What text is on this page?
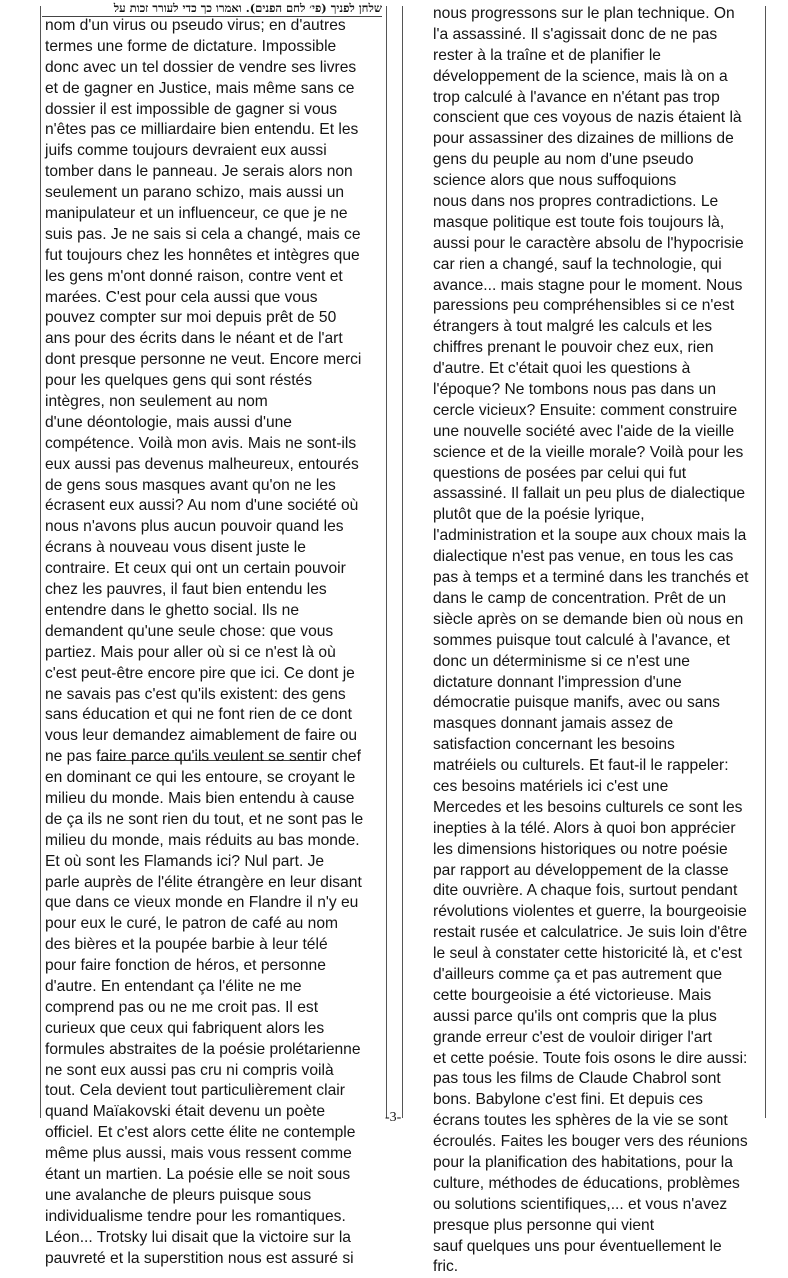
שלחן לפניך (פי׳ לחם הפנים). ואמרו כך כדי לעורר זכות על
nom d'un virus ou pseudo virus; en d'autres
termes une forme de dictature. Impossible
donc avec un tel dossier de vendre ses livres
et de gagner en Justice, mais même sans ce
dossier il est impossible de gagner si vous
n'êtes pas ce milliardaire bien entendu. Et les
juifs comme toujours devraient eux aussi
tomber dans le panneau. Je serais alors non
seulement un parano schizo, mais aussi un
manipulateur et un influenceur, ce que je ne
suis pas. Je ne sais si cela a changé, mais ce
fut toujours chez les honnêtes et intègres que
les gens m'ont donné raison, contre vent et
marées. C'est pour cela aussi que vous
pouvez compter sur moi depuis prêt de 50
ans pour des écrits dans le néant et de l'art
dont presque personne ne veut. Encore merci
pour les quelques gens qui sont réstés
intègres, non seulement au nom
d'une déontologie, mais aussi d'une
compétence. Voilà mon avis. Mais ne sont-ils
eux aussi pas devenus malheureux, entourés
de gens sous masques avant qu'on ne les
écrasent eux aussi? Au nom d'une société où
nous n'avons plus aucun pouvoir quand les
écrans à nouveau vous disent juste le
contraire. Et ceux qui ont un certain pouvoir
chez les pauvres, il faut bien entendu les
entendre dans le ghetto social. Ils ne
demandent qu'une seule chose: que vous
partiez. Mais pour aller où si ce n'est là où
c'est peut-être encore pire que ici. Ce dont je
ne savais pas c'est qu'ils existent: des gens
sans éducation et qui ne font rien de ce dont
vous leur demandez aimablement de faire ou
ne pas faire parce qu'ils veulent se sentir chef
en dominant ce qui les entoure, se croyant le
milieu du monde. Mais bien entendu à cause
de ça ils ne sont rien du tout, et ne sont pas le
milieu du monde, mais réduits au bas monde.
Et où sont les Flamands ici? Nul part. Je
parle auprès de l'élite étrangère en leur disant
que dans ce vieux monde en Flandre il n'y eu
pour eux le curé, le patron de café au nom
des bières et la poupée barbie à leur télé
pour faire fonction de héros, et personne
d'autre. En entendant ça l'élite ne me
comprend pas ou ne me croit pas. Il est
curieux que ceux qui fabriquent alors les
formules abstraites de la poésie prolétarienne
ne sont eux aussi pas cru ni compris voilà
tout. Cela devient tout particulièrement clair
quand Maïakovski était devenu un poète
officiel. Et c'est alors cette élite ne contemple
même plus aussi, mais vous ressent comme
étant un martien. La poésie elle se noit sous
une avalanche de pleurs puisque sous
individualisme tendre pour les romantiques.
Léon... Trotsky lui disait que la victoire sur la
pauvreté et la superstition nous est assuré si
nous progressons sur le plan technique. On
l'a assassiné. Il s'agissait donc de ne pas
rester à la traîne et de planifier le
développement de la science, mais là on a
trop calculé à l'avance en n'étant pas trop
conscient que ces voyous de nazis étaient là
pour assassiner des dizaines de millions de
gens du peuple au nom d'une pseudo
science alors que nous suffoquions
nous dans nos propres contradictions. Le
masque politique est toute fois toujours là,
aussi pour le caractère absolu de l'hypocrisie
car rien a changé, sauf la technologie, qui
avance... mais stagne pour le moment. Nous
paressions peu compréhensibles si ce n'est
étrangers à tout malgré les calculs et les
chiffres prenant le pouvoir chez eux, rien
d'autre. Et c'était quoi les questions à
l'époque? Ne tombons nous pas dans un
cercle vicieux? Ensuite: comment construire
une nouvelle société avec l'aide de la vieille
science et de la vieille morale? Voilà pour les
questions de posées par celui qui fut
assassiné. Il fallait un peu plus de dialectique
plutôt que de la poésie lyrique,
l'administration et la soupe aux choux mais la
dialectique n'est pas venue, en tous les cas
pas à temps et a terminé dans les tranchés et
dans le camp de concentration. Prêt de un
siècle après on se demande bien où nous en
sommes puisque tout calculé à l'avance, et
donc un déterminisme si ce n'est une
dictature donnant l'impression d'une
démocratie puisque manifs, avec ou sans
masques donnant jamais assez de
satisfaction concernant les besoins
matréiels ou culturels. Et faut-il le rappeler:
ces besoins matériels ici c'est une
Mercedes et les besoins culturels ce sont les
inepties à la télé. Alors à quoi bon apprécier
les dimensions historiques ou notre poésie
par rapport au développement de la classe
dite ouvrière. A chaque fois, surtout pendant
révolutions violentes et guerre, la bourgeoisie
restait rusée et calculatrice. Je suis loin d'être
le seul à constater cette historicité là, et c'est
d'ailleurs comme ça et pas autrement que
cette bourgeoisie a été victorieuse. Mais
aussi parce qu'ils ont compris que la plus
grande erreur c'est de vouloir diriger l'art
et cette poésie. Toute fois osons le dire aussi:
pas tous les films de Claude Chabrol sont
bons. Babylone c'est fini. Et depuis ces
écrans toutes les sphères de la vie se sont
écroulés. Faites les bouger vers des réunions
pour la planification des habitations, pour la
culture, méthodes de éducations, problèmes
ou solutions scientifiques,... et vous n'avez
presque plus personne qui vient
sauf quelques uns pour éventuellement le
fric.
-3-
